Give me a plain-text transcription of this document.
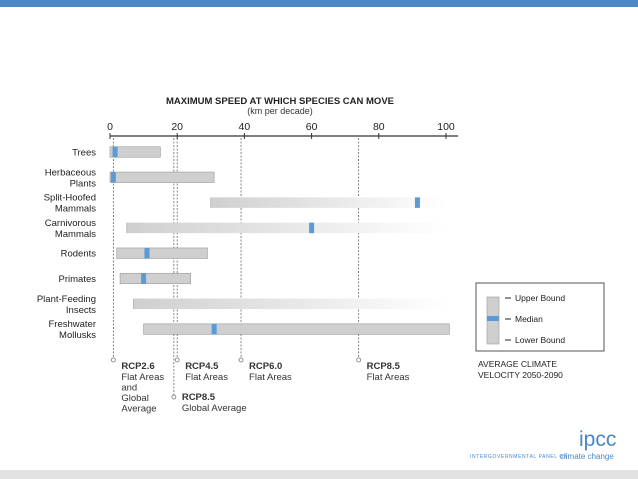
MAXIMUM SPEED AT WHICH SPECIES CAN MOVE
(km per decade)
0	20	40	60	80	100
Trees
Herbaceous
Plants
Split-Hoofed
Mammals
Carnivorous
Mammals
Rodents
Primates
Plant-Feeding
Insects
Freshwater
Mollusks
RCP2.6
Flat Areas
and
Global
Average
RCP4.5
Flat Areas
RCP8.5
Global Average
RCP6.0
Flat Areas
RCP8.5
Flat Areas
Upper Bound
Median
Lower Bound
AVERAGE CLIMATE
VELOCITY 2050-2090
ipcc
INTERGOVERNMENTAL PANEL ON
climate change
